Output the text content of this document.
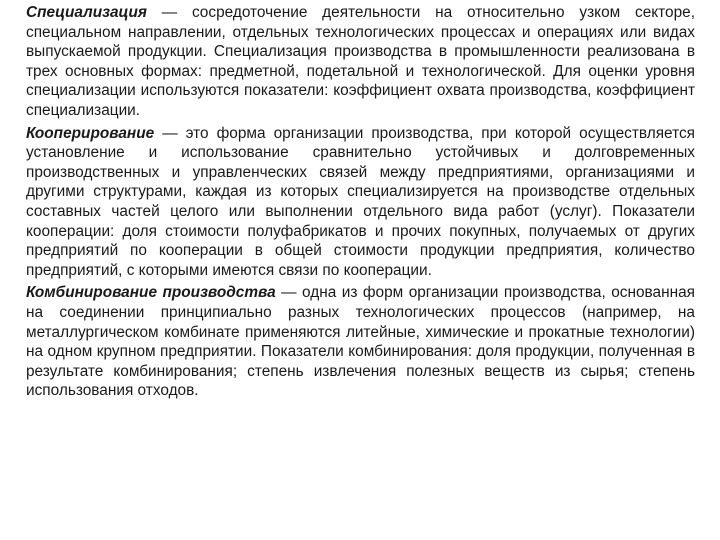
Специализация — сосредоточение деятельности на относительно узком секторе, специальном направлении, отдельных технологических процессах и операциях или видах выпускаемой продукции. Специализация производства в промышленности реализована в трех основных формах: предметной, подетальной и технологической. Для оценки уровня специализации используются показатели: коэффициент охвата производства, коэффициент специализации.

Кооперирование — это форма организации производства, при которой осуществляется установление и использование сравнительно устойчивых и долговременных производственных и управленческих связей между предприятиями, организациями и другими структурами, каждая из которых специализируется на производстве отдельных составных частей целого или выполнении отдельного вида работ (услуг). Показатели кооперации: доля стоимости полуфабрикатов и прочих покупных, получаемых от других предприятий по кооперации в общей стоимости продукции предприятия, количество предприятий, с которыми имеются связи по кооперации.

Комбинирование производства — одна из форм организации производства, основанная на соединении принципиально разных технологических процессов (например, на металлургическом комбинате применяются литейные, химические и прокатные технологии) на одном крупном предприятии. Показатели комбинирования: доля продукции, полученная в результате комбинирования; степень извлечения полезных веществ из сырья; степень использования отходов.
